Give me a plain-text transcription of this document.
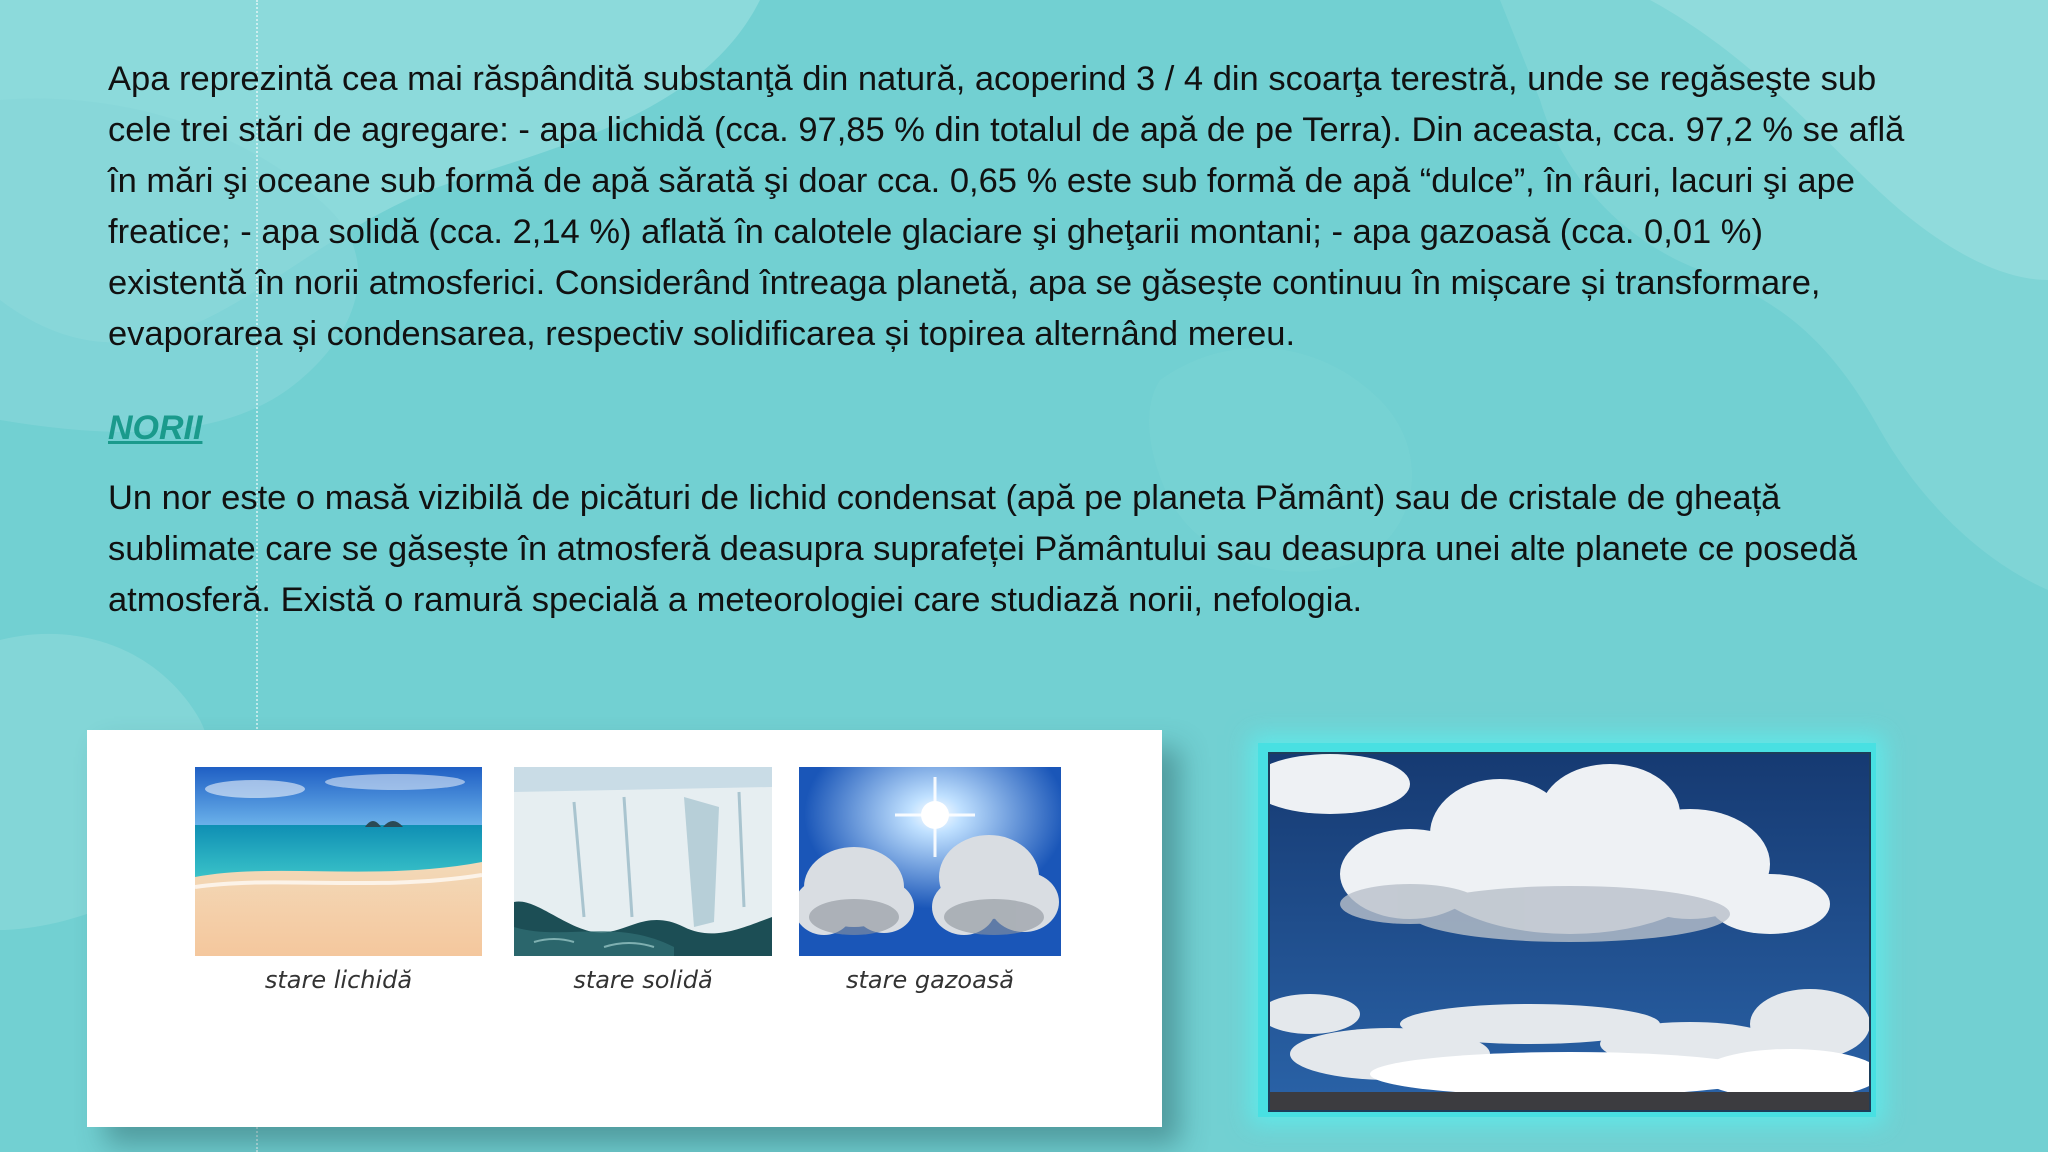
Apa reprezintă cea mai răspândită substanţă din natură, acoperind 3 / 4 din scoarţa terestră, unde se regăseşte sub cele trei stări de agregare: - apa lichidă (cca. 97,85 % din totalul de apă de pe Terra). Din aceasta, cca. 97,2 % se află în mări şi oceane sub formă de apă sărată şi doar cca. 0,65 % este sub formă de apă “dulce”, în râuri, lacuri şi ape freatice; - apa solidă (cca. 2,14 %) aflată în calotele glaciare şi gheţarii montani; - apa gazoasă (cca. 0,01 %) existentă în norii atmosferici. Considerând întreaga planetă, apa se găsește continuu în mișcare și transformare, evaporarea și condensarea, respectiv solidificarea și topirea alternând mereu.

NORII

Un nor este o masă vizibilă de picături de lichid condensat (apă pe planeta Pământ) sau de cristale de gheață sublimate care se găsește în atmosferă deasupra suprafeței Pământului sau deasupra unei alte planete ce posedă atmosferă. Există o ramură specială a meteorologiei care studiază norii, nefologia.

stare lichidă	stare solidă	stare gazoasă
